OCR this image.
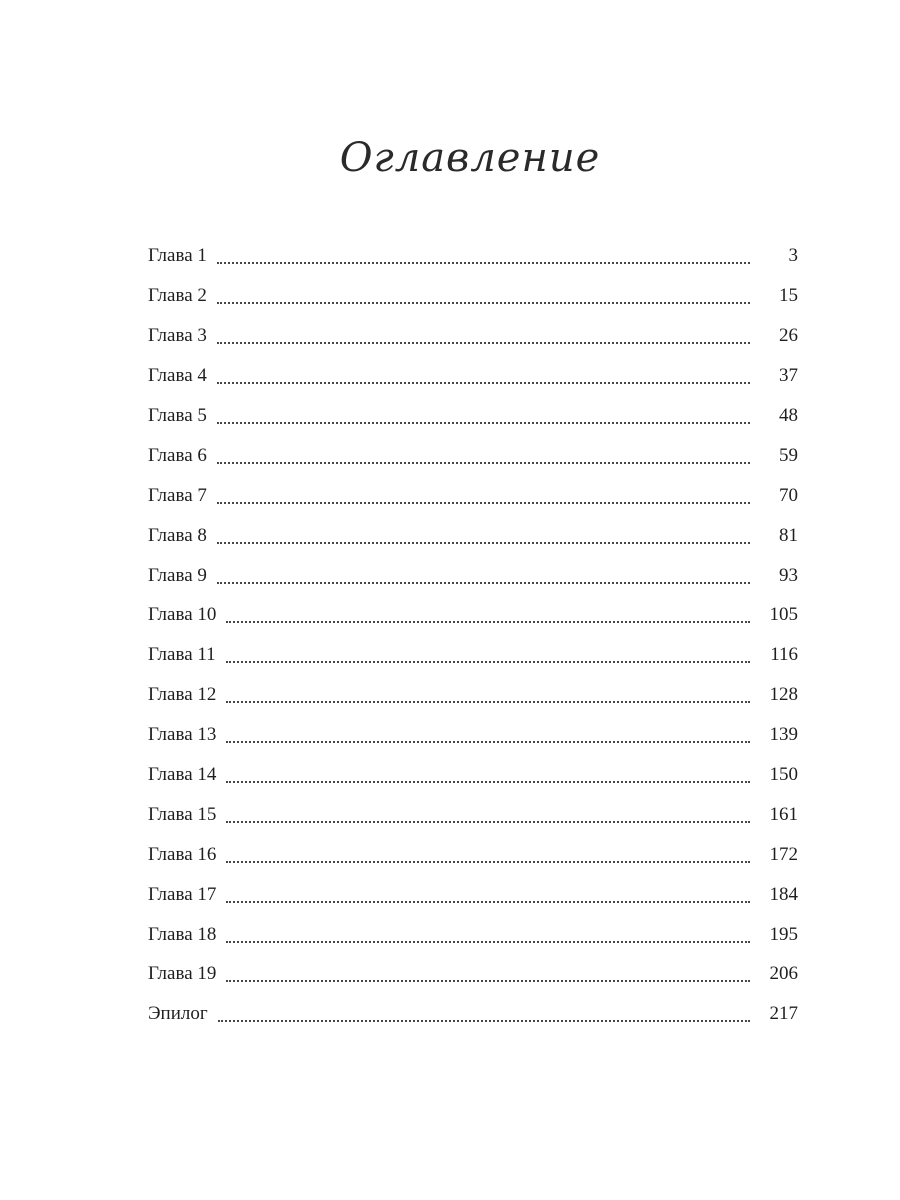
Оглавление
Глава 1	3
Глава 2	15
Глава 3	26
Глава 4	37
Глава 5	48
Глава 6	59
Глава 7	70
Глава 8	81
Глава 9	93
Глава 10	105
Глава 11	116
Глава 12	128
Глава 13	139
Глава 14	150
Глава 15	161
Глава 16	172
Глава 17	184
Глава 18	195
Глава 19	206
Эпилог	217
